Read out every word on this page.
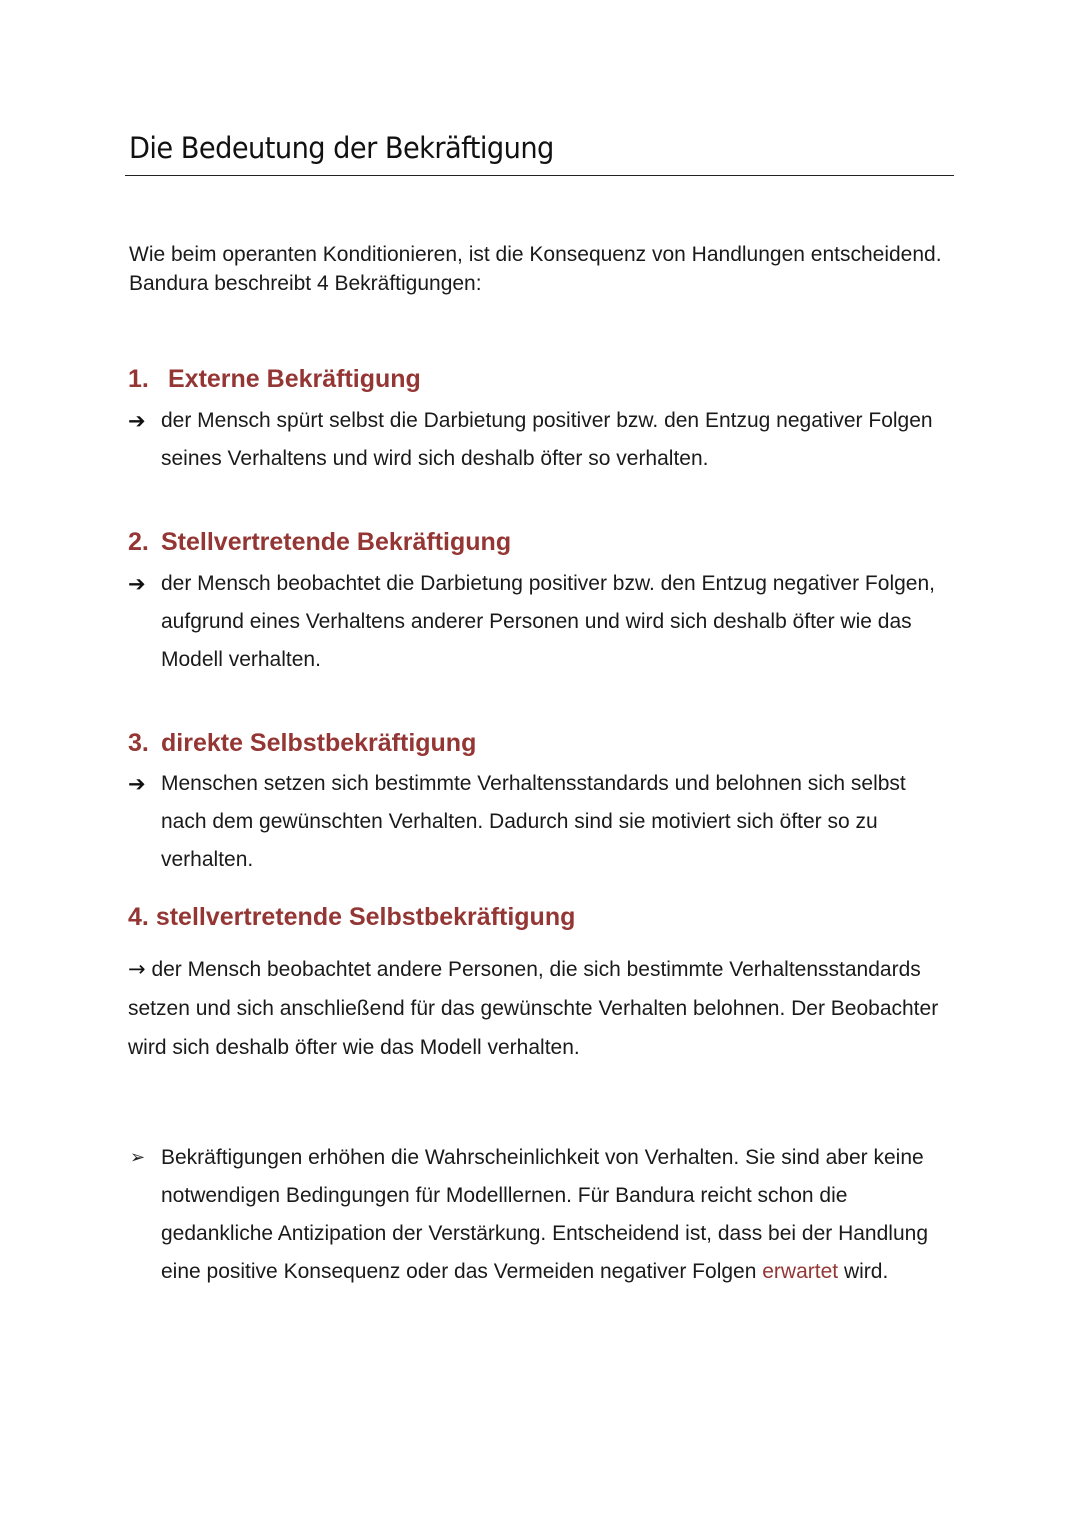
Die Bedeutung der Bekräftigung

Wie beim operanten Konditionieren, ist die Konsequenz von Handlungen entscheidend. Bandura beschreibt 4 Bekräftigungen:

1. Externe Bekräftigung
➔ der Mensch spürt selbst die Darbietung positiver bzw. den Entzug negativer Folgen seines Verhaltens und wird sich deshalb öfter so verhalten.
2. Stellvertretende Bekräftigung
➔ der Mensch beobachtet die Darbietung positiver bzw. den Entzug negativer Folgen, aufgrund eines Verhaltens anderer Personen und wird sich deshalb öfter wie das Modell verhalten.
3. direkte Selbstbekräftigung
➔ Menschen setzen sich bestimmte Verhaltensstandards und belohnen sich selbst nach dem gewünschten Verhalten. Dadurch sind sie motiviert sich öfter so zu verhalten.
4. stellvertretende Selbstbekräftigung

→ der Mensch beobachtet andere Personen, die sich bestimmte Verhaltensstandards setzen und sich anschließend für das gewünschte Verhalten belohnen. Der Beobachter wird sich deshalb öfter wie das Modell verhalten.

➢ Bekräftigungen erhöhen die Wahrscheinlichkeit von Verhalten. Sie sind aber keine notwendigen Bedingungen für Modelllernen. Für Bandura reicht schon die gedankliche Antizipation der Verstärkung. Entscheidend ist, dass bei der Handlung eine positive Konsequenz oder das Vermeiden negativer Folgen erwartet wird.
